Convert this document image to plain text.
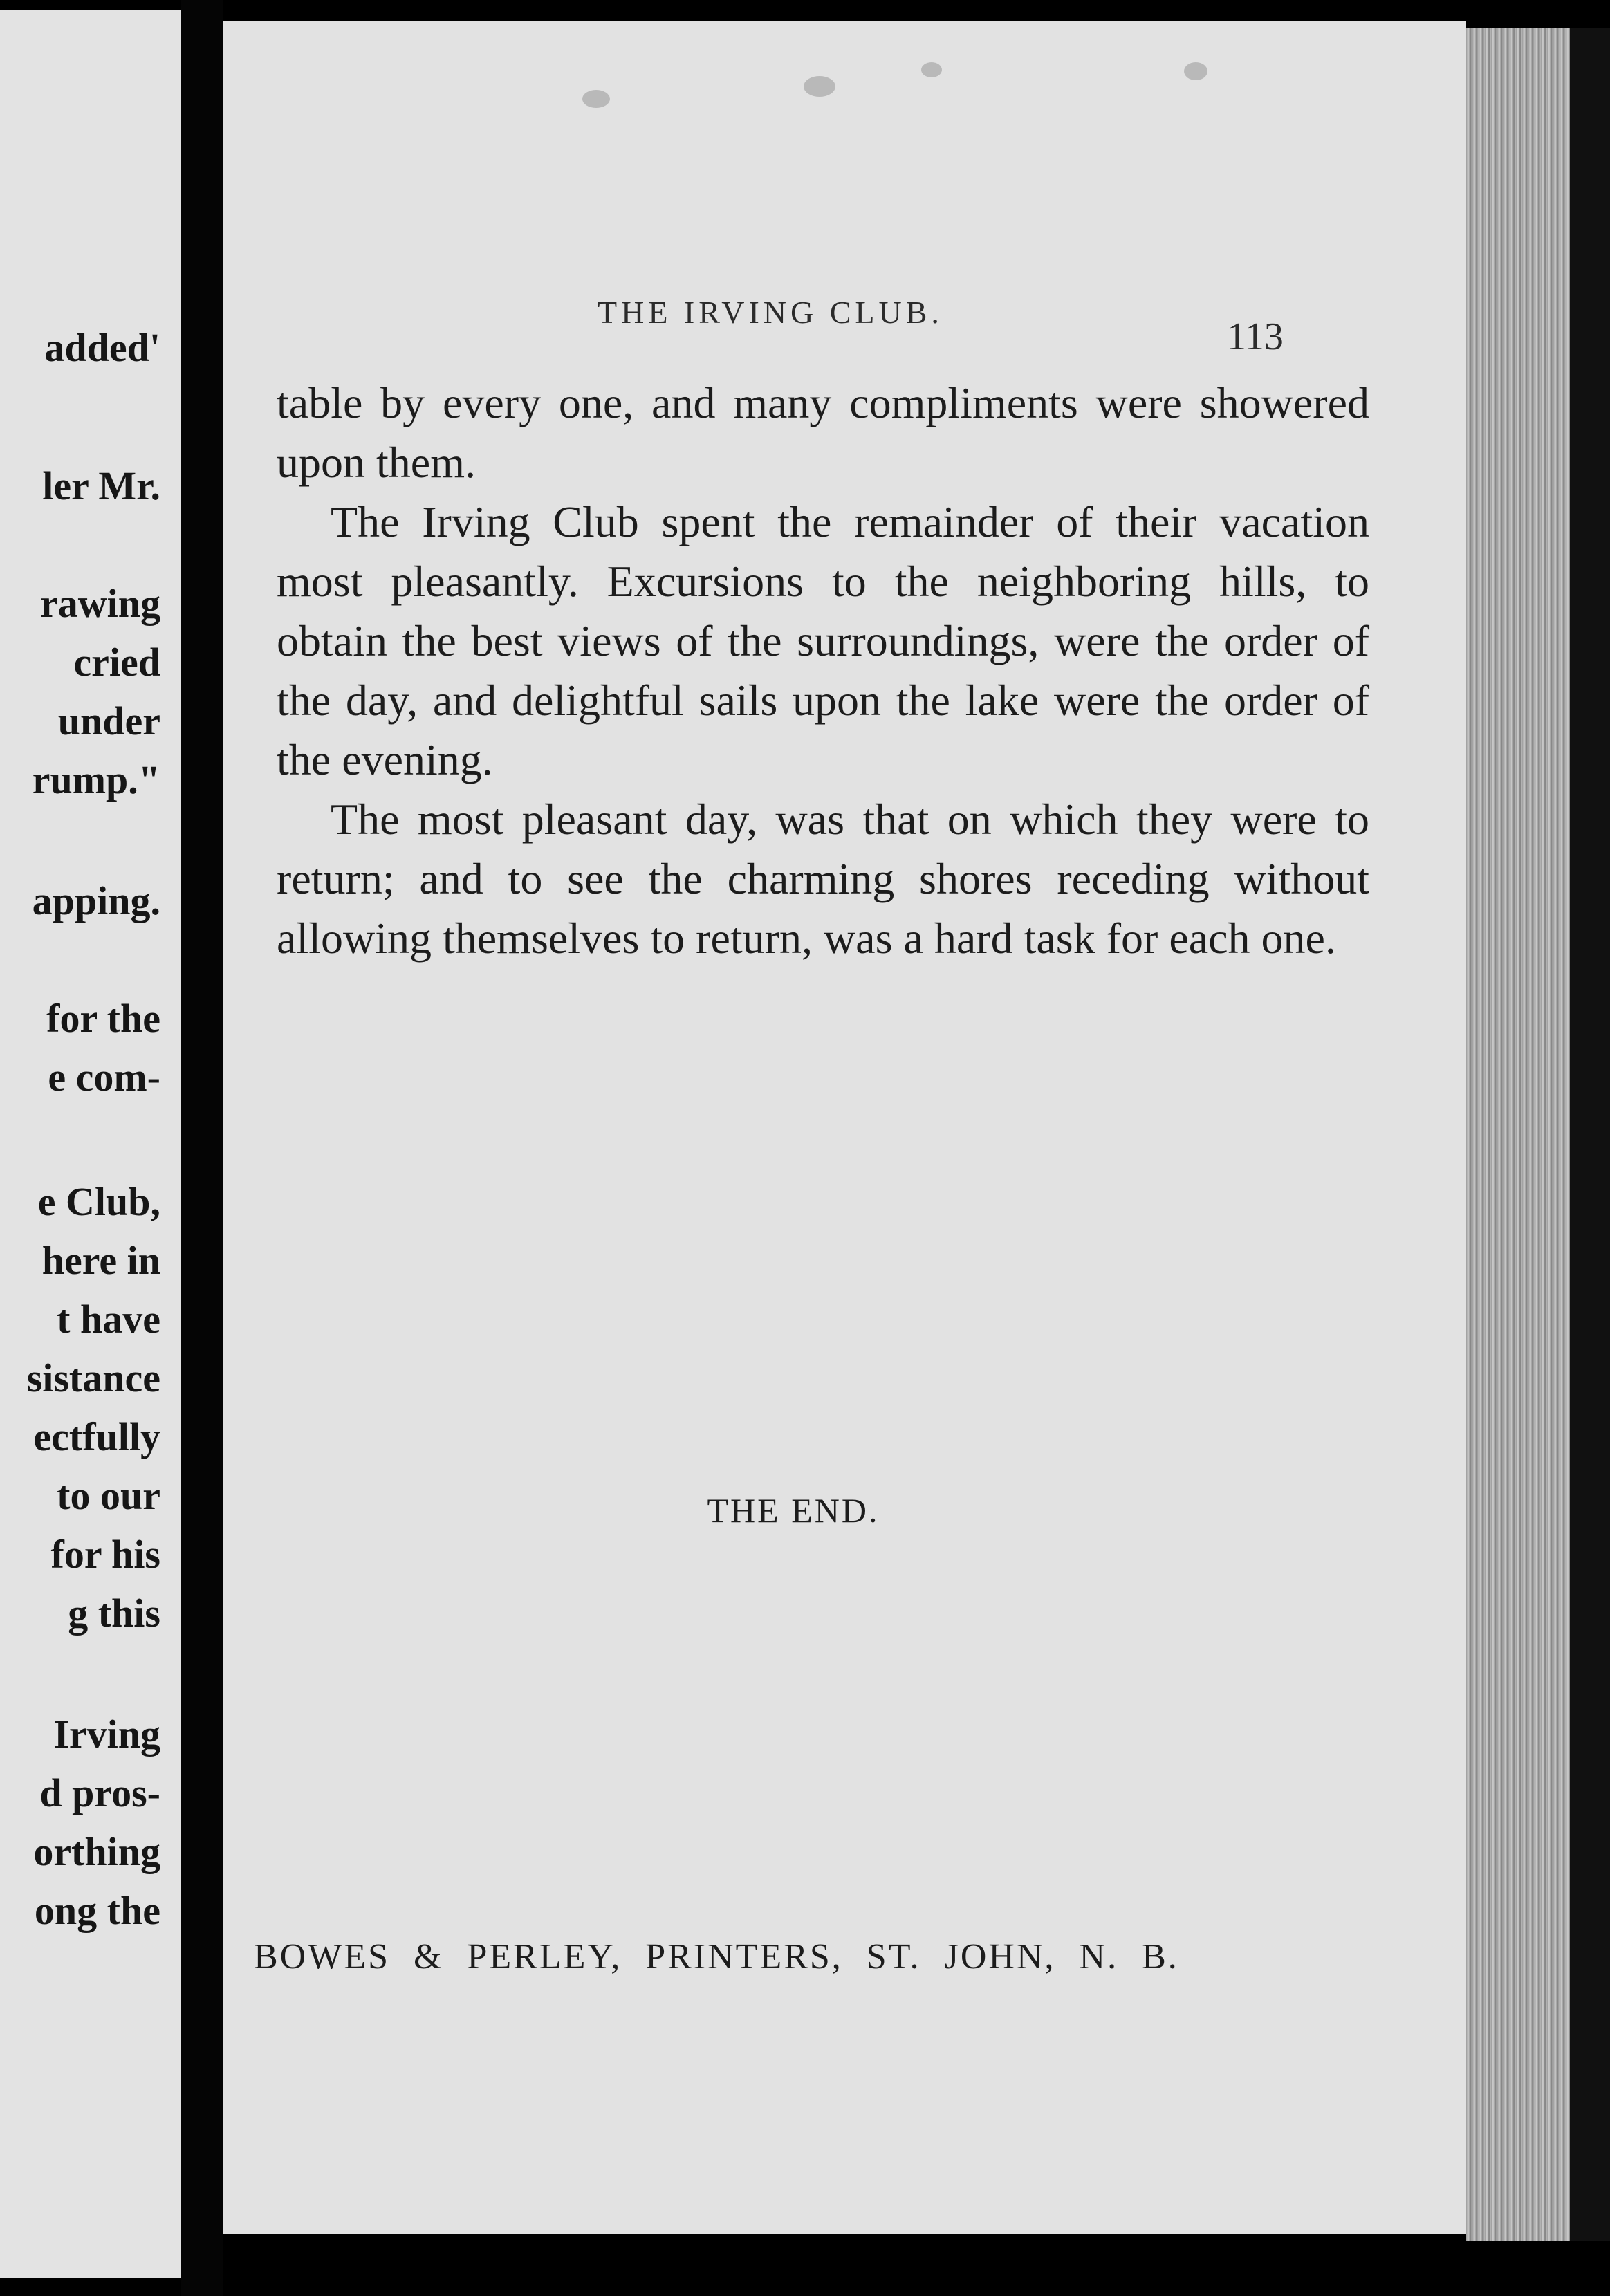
added'
ler Mr.
rawing
cried
under
rump."
apping.
for the
e com-
e Club,
here in
t have
sistance
ectfully
to our
for his
g this
Irving
d pros-
orthing
ong the
THE IRVING CLUB.
113

table by every one, and many compliments were showered upon them.

The Irving Club spent the remainder of their vacation most pleasantly. Excursions to the neighboring hills, to obtain the best views of the surroundings, were the order of the day, and delightful sails upon the lake were the order of the evening.

The most pleasant day, was that on which they were to return; and to see the charming shores receding without allowing themselves to return, was a hard task for each one.

THE END.
BOWES & PERLEY, PRINTERS, ST. JOHN, N. B.
